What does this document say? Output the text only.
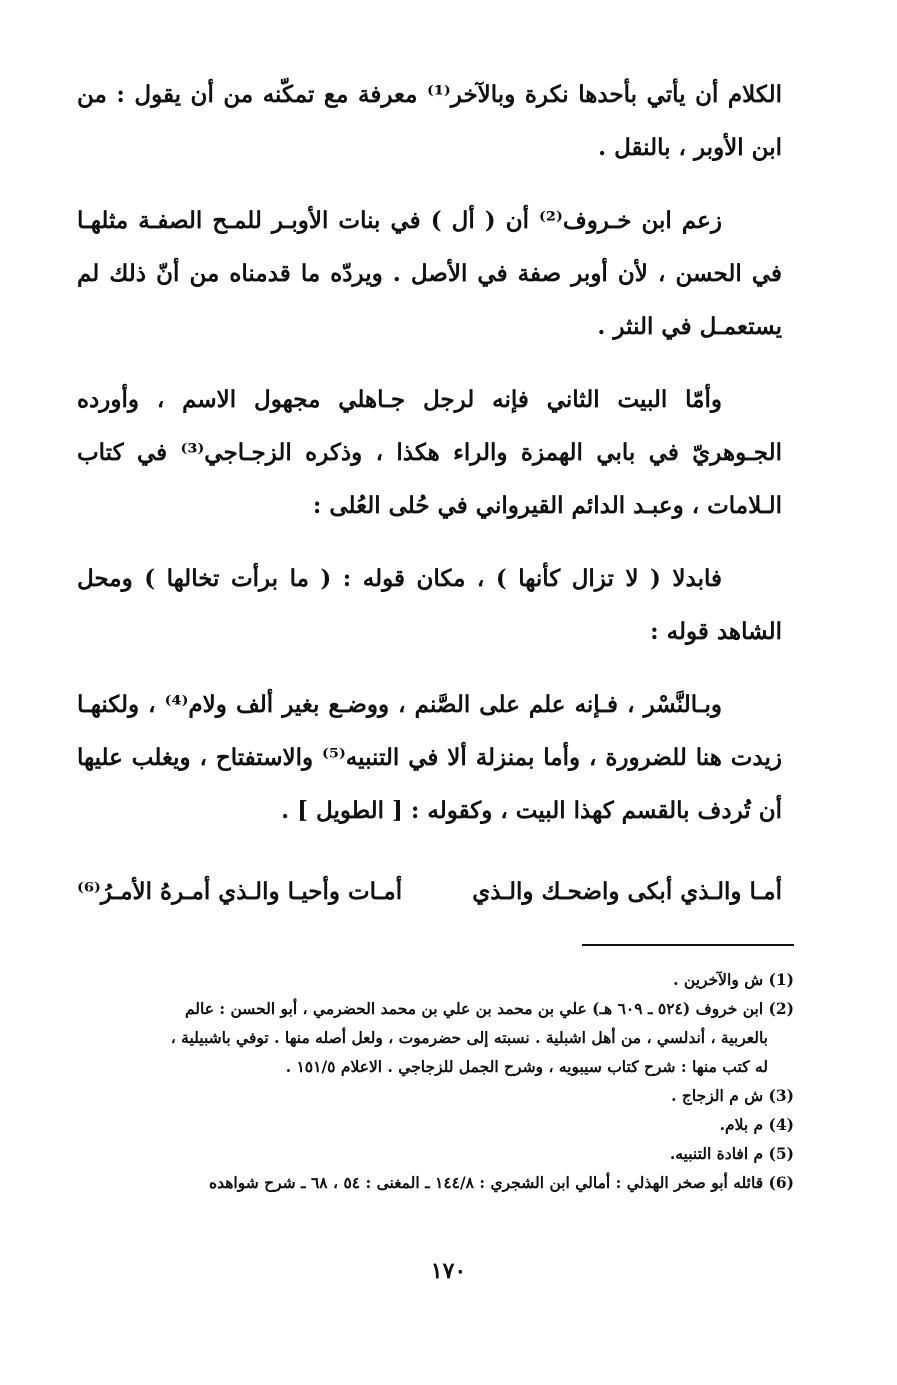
الكلام أن يأتي بأحدها نكرة وبالآخر⁽¹⁾ معرفة مع تمكّنه من أن يقول : من ابن الأوبر ، بالنقل .

زعم ابن خـروف⁽²⁾ أن ( أل ) في بنات الأوبـر للمـح الصفـة مثلهـا في الحسن ، لأن أوبر صفة في الأصل . ويردّه ما قدمناه من أنّ ذلك لم يستعمـل في النثر .

وأمّا البيت الثاني فإنه لرجل جـاهلي مجهول الاسم ، وأورده الجـوهريّ في بابي الهمزة والراء هكذا ، وذكره الزجـاجي⁽³⁾ في كتاب الـلامات ، وعبـد الدائم القيرواني في حُلى العُلى :

فابدلا ( لا تزال كأنها ) ، مكان قوله : ( ما برأت تخالها ) ومحل الشاهد قوله :

وبـالنَّسْر ، فـإنه علم على الصَّنم ، ووضـع بغير ألف ولام⁽⁴⁾ ، ولكنهـا زيدت هنا للضرورة ، وأما بمنزلة ألا في التنبيه⁽⁵⁾ والاستفتاح ، ويغلب عليها أن تُردف بالقسم كهذا البيت ، وكقوله : [ الطويل ] .

أمـا والـذي أبكى واضحـك والـذي
أمـات وأحيـا والـذي أمـرهُ الأمـرُ⁽⁶⁾

(1) ش والآخرين .

(2) ابن خروف (٥٢٤ ـ ٦٠٩ هـ) علي بن محمد بن علي بن محمد الحضرمي ، أبو الحسن : عالم

بالعربية ، أندلسي ، من أهل اشبلية . نسبته إلى حضرموت ، ولعل أصله منها . توفي باشبيلية ،

له كتب منها : شرح كتاب سيبويه ، وشرح الجمل للزجاجي . الاعلام ١٥١/٥ .

(3) ش م الزجاج .

(4) م بلام.

(5) م افادة التنبيه.

(6) قائله أبو صخر الهذلي : أمالي ابن الشجري : ١٤٤/٨ ـ المغنى : ٥٤ ، ٦٨ ـ شرح شواهده

١٧٠
